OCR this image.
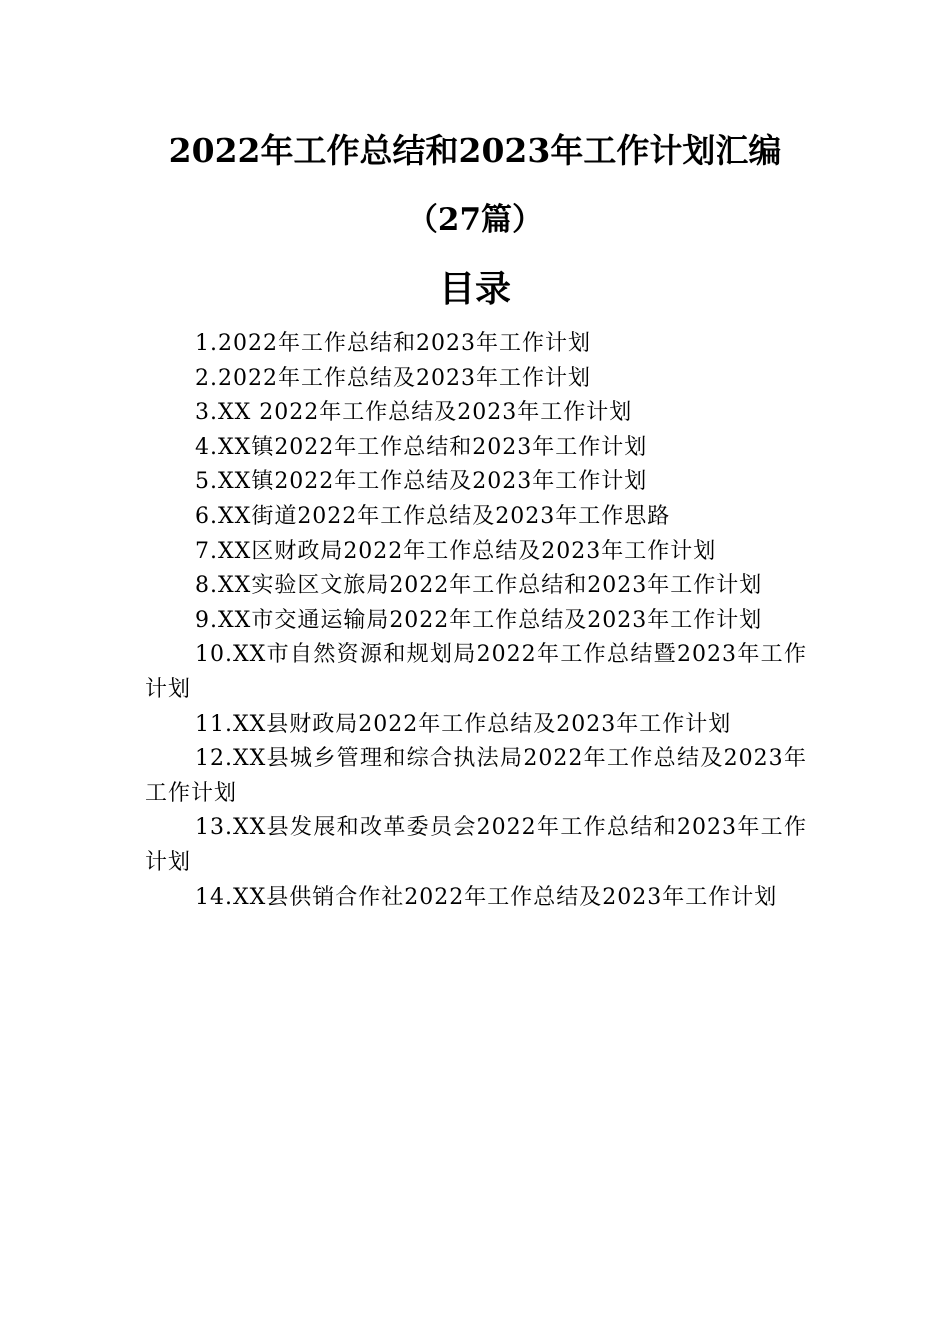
2022年工作总结和2023年工作计划汇编
（27篇）
目录
1.2022年工作总结和2023年工作计划
2.2022年工作总结及2023年工作计划
3.XX 2022年工作总结及2023年工作计划
4.XX镇2022年工作总结和2023年工作计划
5.XX镇2022年工作总结及2023年工作计划
6.XX街道2022年工作总结及2023年工作思路
7.XX区财政局2022年工作总结及2023年工作计划
8.XX实验区文旅局2022年工作总结和2023年工作计划
9.XX市交通运输局2022年工作总结及2023年工作计划
10.XX市自然资源和规划局2022年工作总结暨2023年工作计划
11.XX县财政局2022年工作总结及2023年工作计划
12.XX县城乡管理和综合执法局2022年工作总结及2023年工作计划
13.XX县发展和改革委员会2022年工作总结和2023年工作计划
14.XX县供销合作社2022年工作总结及2023年工作计划
